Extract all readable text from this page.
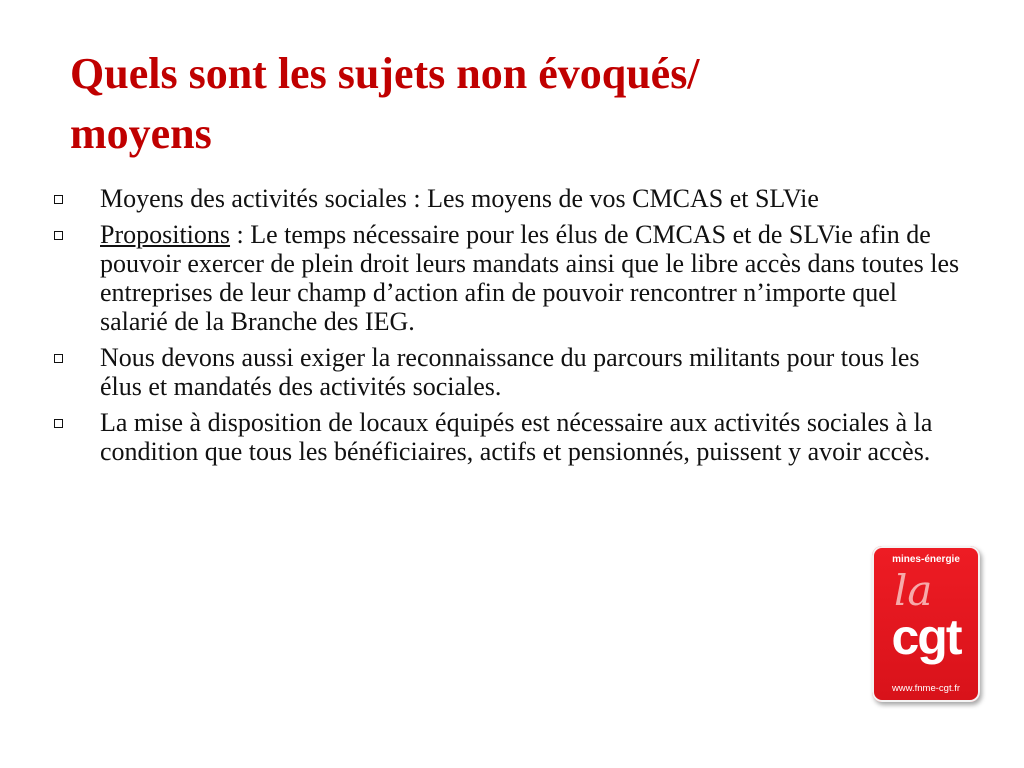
Quels sont les sujets non évoqués/
moyens
Moyens des activités sociales : Les moyens de vos CMCAS et SLVie
Propositions : Le temps nécessaire pour les élus de CMCAS et de SLVie afin de pouvoir exercer de plein droit leurs mandats ainsi que le libre accès dans toutes les entreprises de leur champ d’action afin de pouvoir rencontrer n’importe quel salarié de la Branche des IEG.
Nous devons aussi exiger la reconnaissance du parcours militants pour tous les élus et mandatés des activités sociales.
La mise à disposition de locaux équipés est nécessaire aux activités sociales à la condition que tous les bénéficiaires, actifs et pensionnés, puissent y avoir accès.
mines-énergie
la
cgt
www.fnme-cgt.fr
